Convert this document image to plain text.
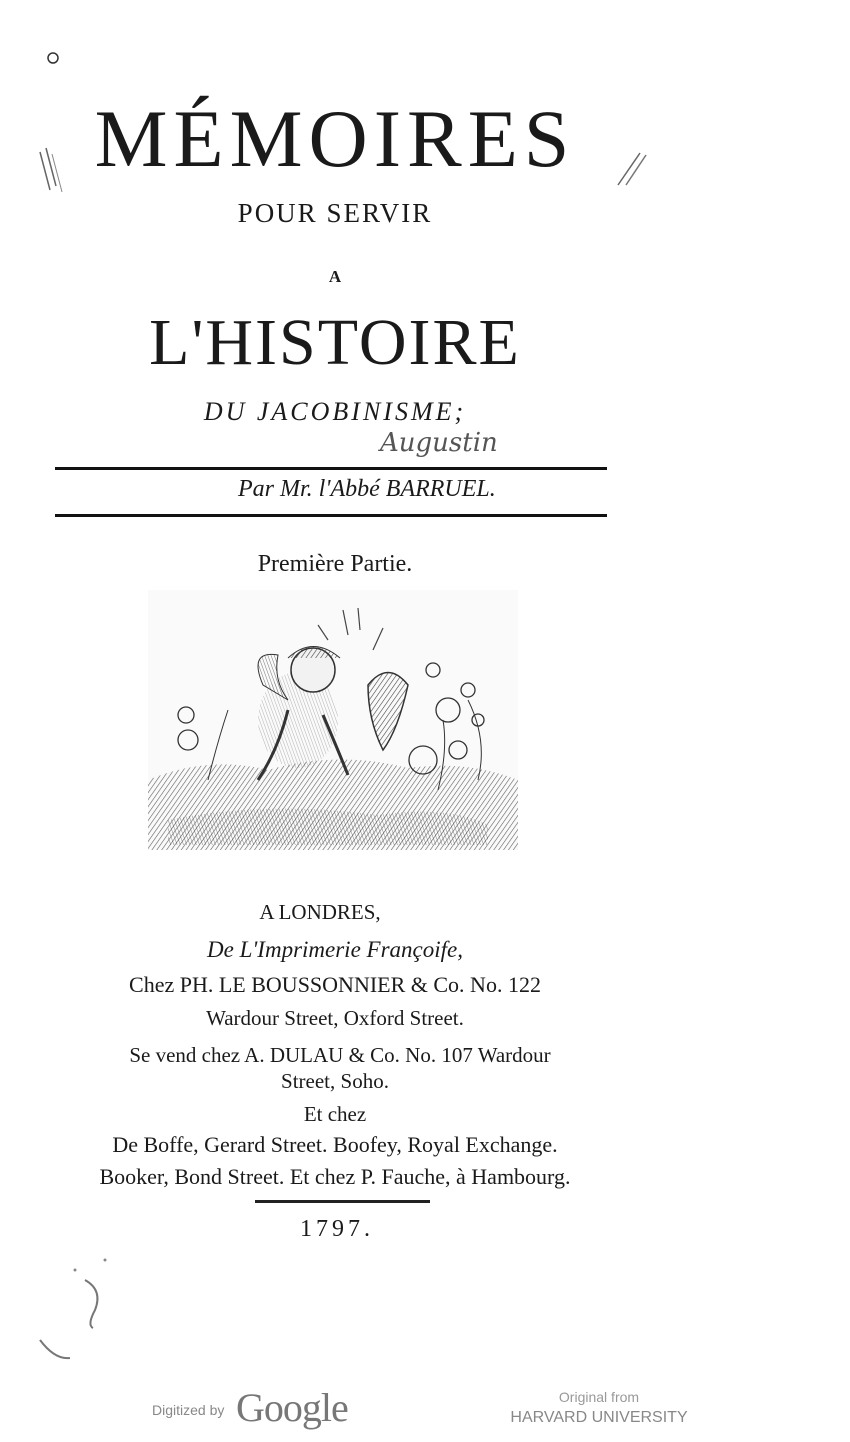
MÉMOIRES
POUR SERVIR
A
L'HISTOIRE
DU JACOBINISME;
Augustin
Par Mr. l'Abbé BARRUEL.
Première Partie.
A LONDRES,
De L'Imprimerie Françoife,
Chez PH. LE BOUSSONNIER & Co. No. 122
Wardour Street, Oxford Street.
Se vend chez A. DULAU & Co. No. 107 Wardour
Street, Soho.
Et chez
De Boffe, Gerard Street. Boofey, Royal Exchange.
Booker, Bond Street. Et chez P. Fauche, à Hambourg.
1797.
Digitized by Google	Original from
HARVARD UNIVERSITY
